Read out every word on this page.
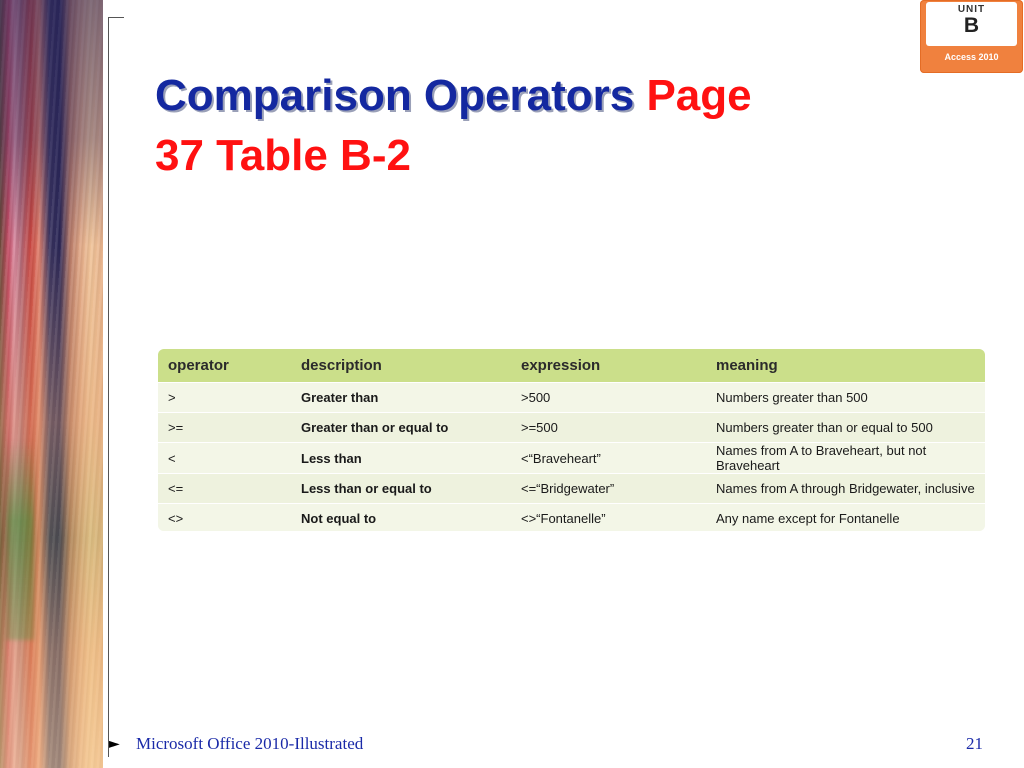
UNIT
B
Access 2010
Comparison Operators Page
37 Table B-2
operator	description	expression	meaning
>	Greater than	>500	Numbers greater than 500
>=	Greater than or equal to	>=500	Numbers greater than or equal to 500
<	Less than	<“Braveheart”	Names from A to Braveheart, but not Braveheart
<=	Less than or equal to	<=“Bridgewater”	Names from A through Bridgewater, inclusive
<>	Not equal to	<>“Fontanelle”	Any name except for Fontanelle
► Microsoft Office 2010-Illustrated	21
